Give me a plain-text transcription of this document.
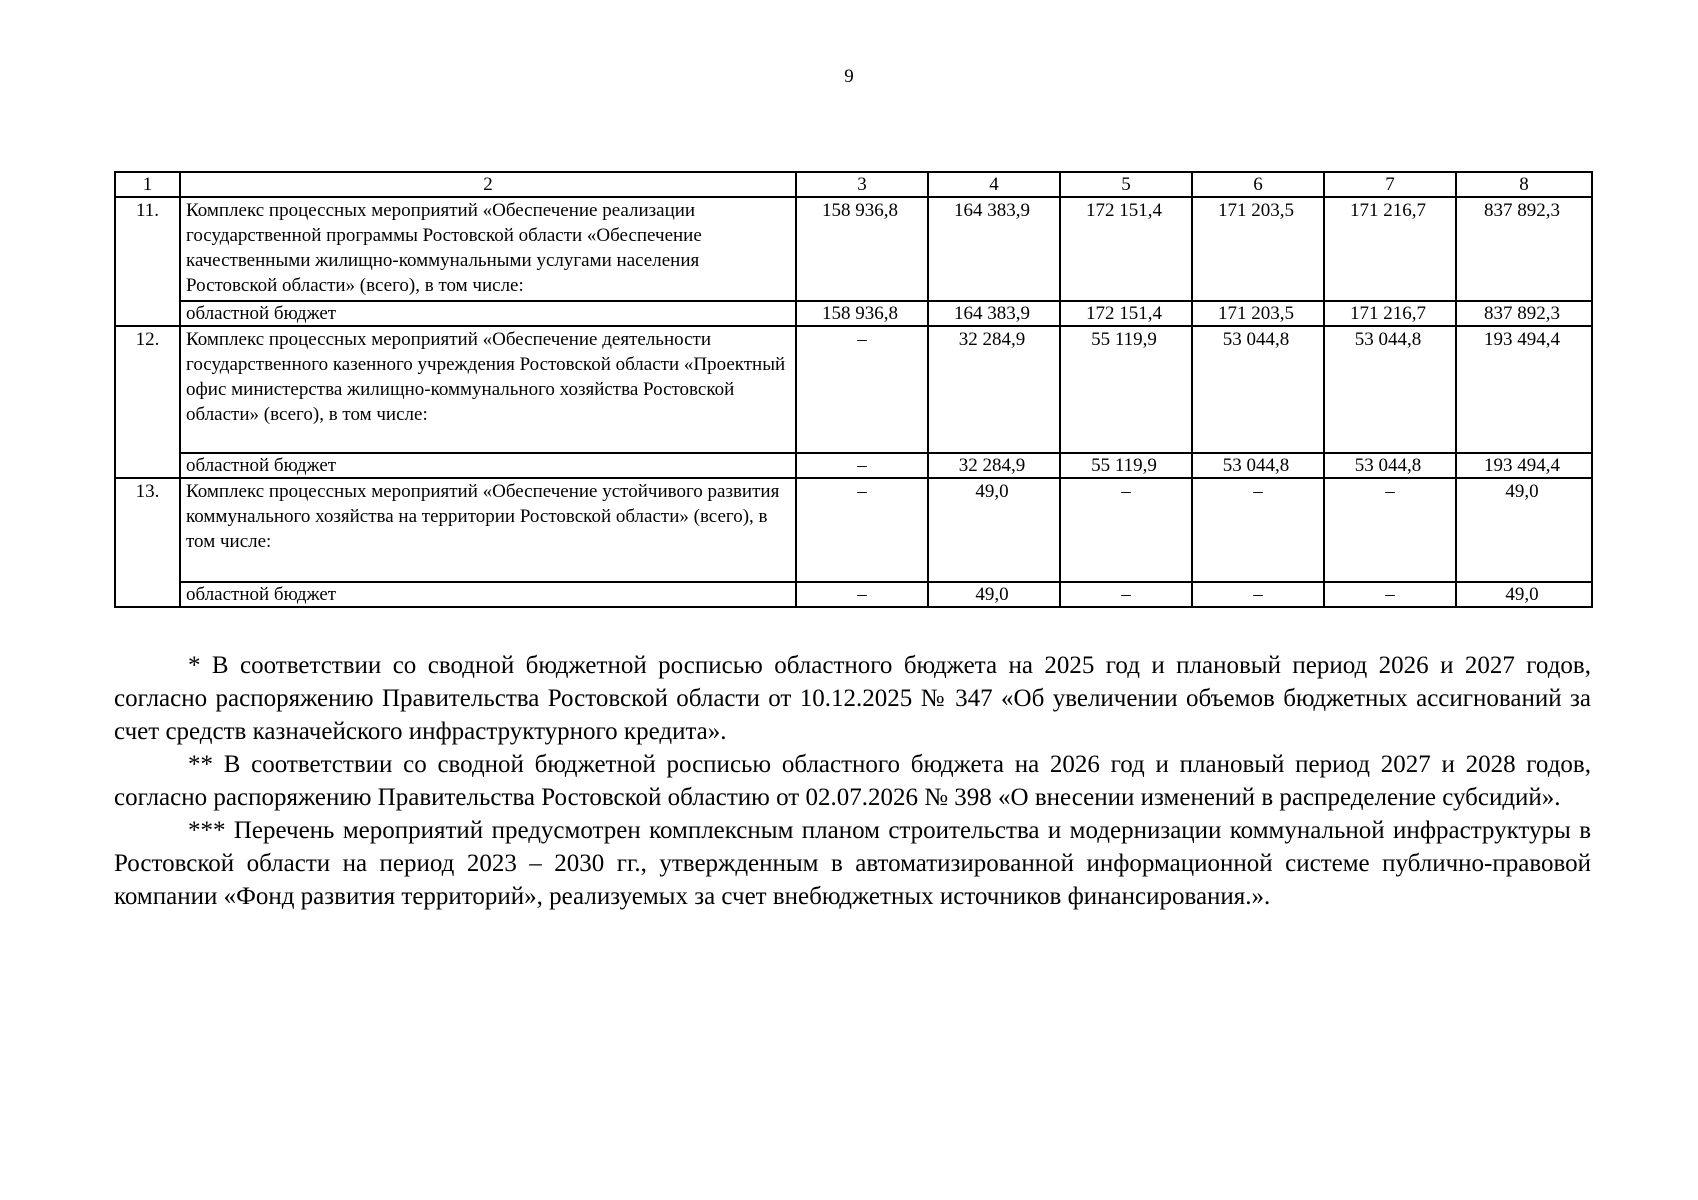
9
1	2	3	4	5	6	7	8
11.	Комплекс процессных мероприятий «Обеспечение реализации государственной программы Ростовской области «Обеспечение качественными жилищно-коммунальными услугами населения Ростовской области» (всего), в том числе:	158 936,8	164 383,9	172 151,4	171 203,5	171 216,7	837 892,3
	областной бюджет	158 936,8	164 383,9	172 151,4	171 203,5	171 216,7	837 892,3
12.	Комплекс процессных мероприятий «Обеспечение деятельности государственного казенного учреждения Ростовской области «Проектный офис министерства жилищно-коммунального хозяйства Ростовской области» (всего), в том числе:	–	32 284,9	55 119,9	53 044,8	53 044,8	193 494,4
	областной бюджет	–	32 284,9	55 119,9	53 044,8	53 044,8	193 494,4
13.	Комплекс процессных мероприятий «Обеспечение устойчивого развития коммунального хозяйства на территории Ростовской области» (всего), в том числе:	–	49,0	–	–	–	49,0
	областной бюджет	–	49,0	–	–	–	49,0

* В соответствии со сводной бюджетной росписью областного бюджета на 2025 год и плановый период 2026 и 2027 годов, согласно распоряжению Правительства Ростовской области от 10.12.2025 № 347 «Об увеличении объемов бюджетных ассигнований за счет средств казначейского инфраструктурного кредита».

** В соответствии со сводной бюджетной росписью областного бюджета на 2026 год и плановый период 2027 и 2028 годов, согласно распоряжению Правительства Ростовской областию от 02.07.2026 № 398 «О внесении изменений в распределение субсидий».

*** Перечень мероприятий предусмотрен комплексным планом строительства и модернизации коммунальной инфраструктуры в Ростовской области на период 2023 – 2030 гг., утвержденным в автоматизированной информационной системе публично-правовой компании «Фонд развития территорий», реализуемых за счет внебюджетных источников финансирования.».
